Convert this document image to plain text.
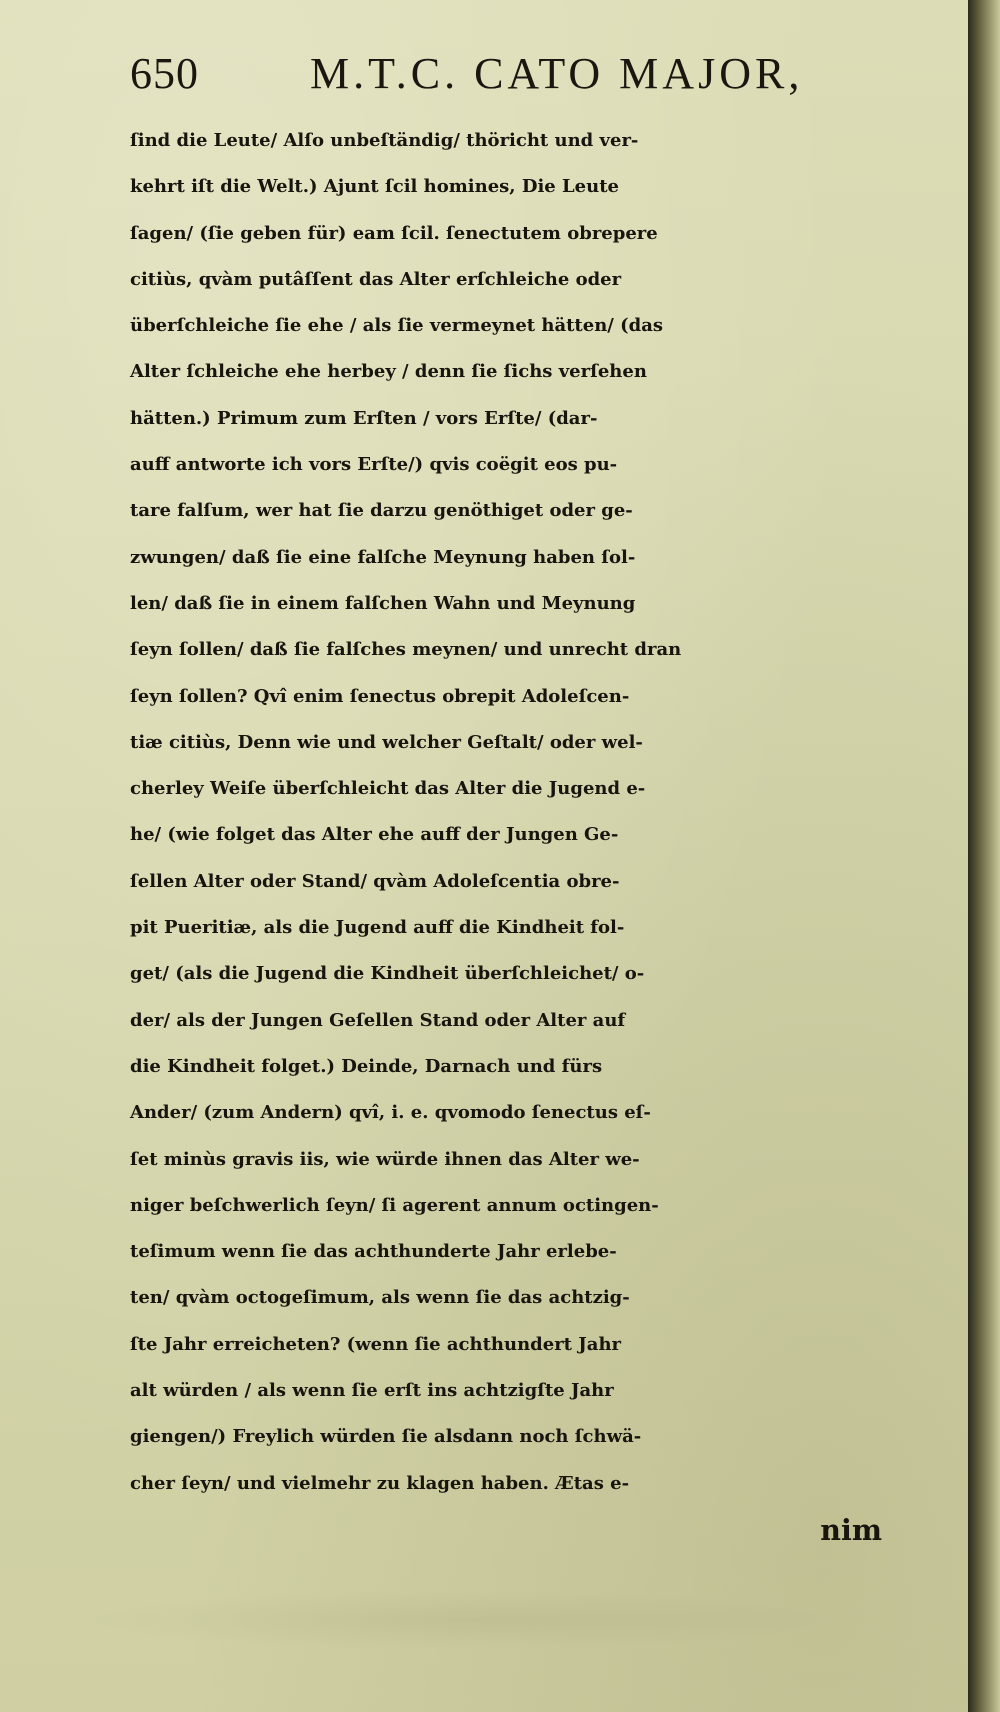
650	M.T.C. CATO MAJOR,
ſind die Leute/ Alſo unbeſtändig/ thöricht und ver-
kehrt iſt die Welt.) Ajunt ſcil homines, Die Leute
ſagen/ (ſie geben für) eam ſcil. ſenectutem obrepere
citiùs, qvàm putâſſent das Alter erſchleiche oder
überſchleiche ſie ehe / als ſie vermeynet hätten/ (das
Alter ſchleiche ehe herbey / denn ſie ſichs verſehen
hätten.) Primum zum Erſten / vors Erſte/ (dar-
auff antworte ich vors Erſte/) qvis coëgit eos pu-
tare falſum, wer hat ſie darzu genöthiget oder ge-
zwungen/ daß ſie eine falſche Meynung haben ſol-
len/ daß ſie in einem falſchen Wahn und Meynung
ſeyn ſollen/ daß ſie falſches meynen/ und unrecht dran
ſeyn ſollen? Qvî enim ſenectus obrepit Adoleſcen-
tiæ citiùs, Denn wie und welcher Geſtalt/ oder wel-
cherley Weiſe überſchleicht das Alter die Jugend e-
he/ (wie folget das Alter ehe auff der Jungen Ge-
ſellen Alter oder Stand/ qvàm Adoleſcentia obre-
pit Pueritiæ, als die Jugend auff die Kindheit fol-
get/ (als die Jugend die Kindheit überſchleichet/ o-
der/ als der Jungen Geſellen Stand oder Alter auf
die Kindheit folget.) Deinde, Darnach und fürs
Ander/ (zum Andern) qvî, i. e. qvomodo ſenectus eſ-
ſet minùs gravis iis, wie würde ihnen das Alter we-
niger beſchwerlich ſeyn/ ſi agerent annum octingen-
teſimum wenn ſie das achthunderte Jahr erlebe-
ten/ qvàm octogeſimum, als wenn ſie das achtzig-
ſte Jahr erreicheten? (wenn ſie achthundert Jahr
alt würden / als wenn ſie erſt ins achtzigſte Jahr
giengen/) Freylich würden ſie alsdann noch ſchwä-
cher ſeyn/ und vielmehr zu klagen haben. Ætas e-
nim
